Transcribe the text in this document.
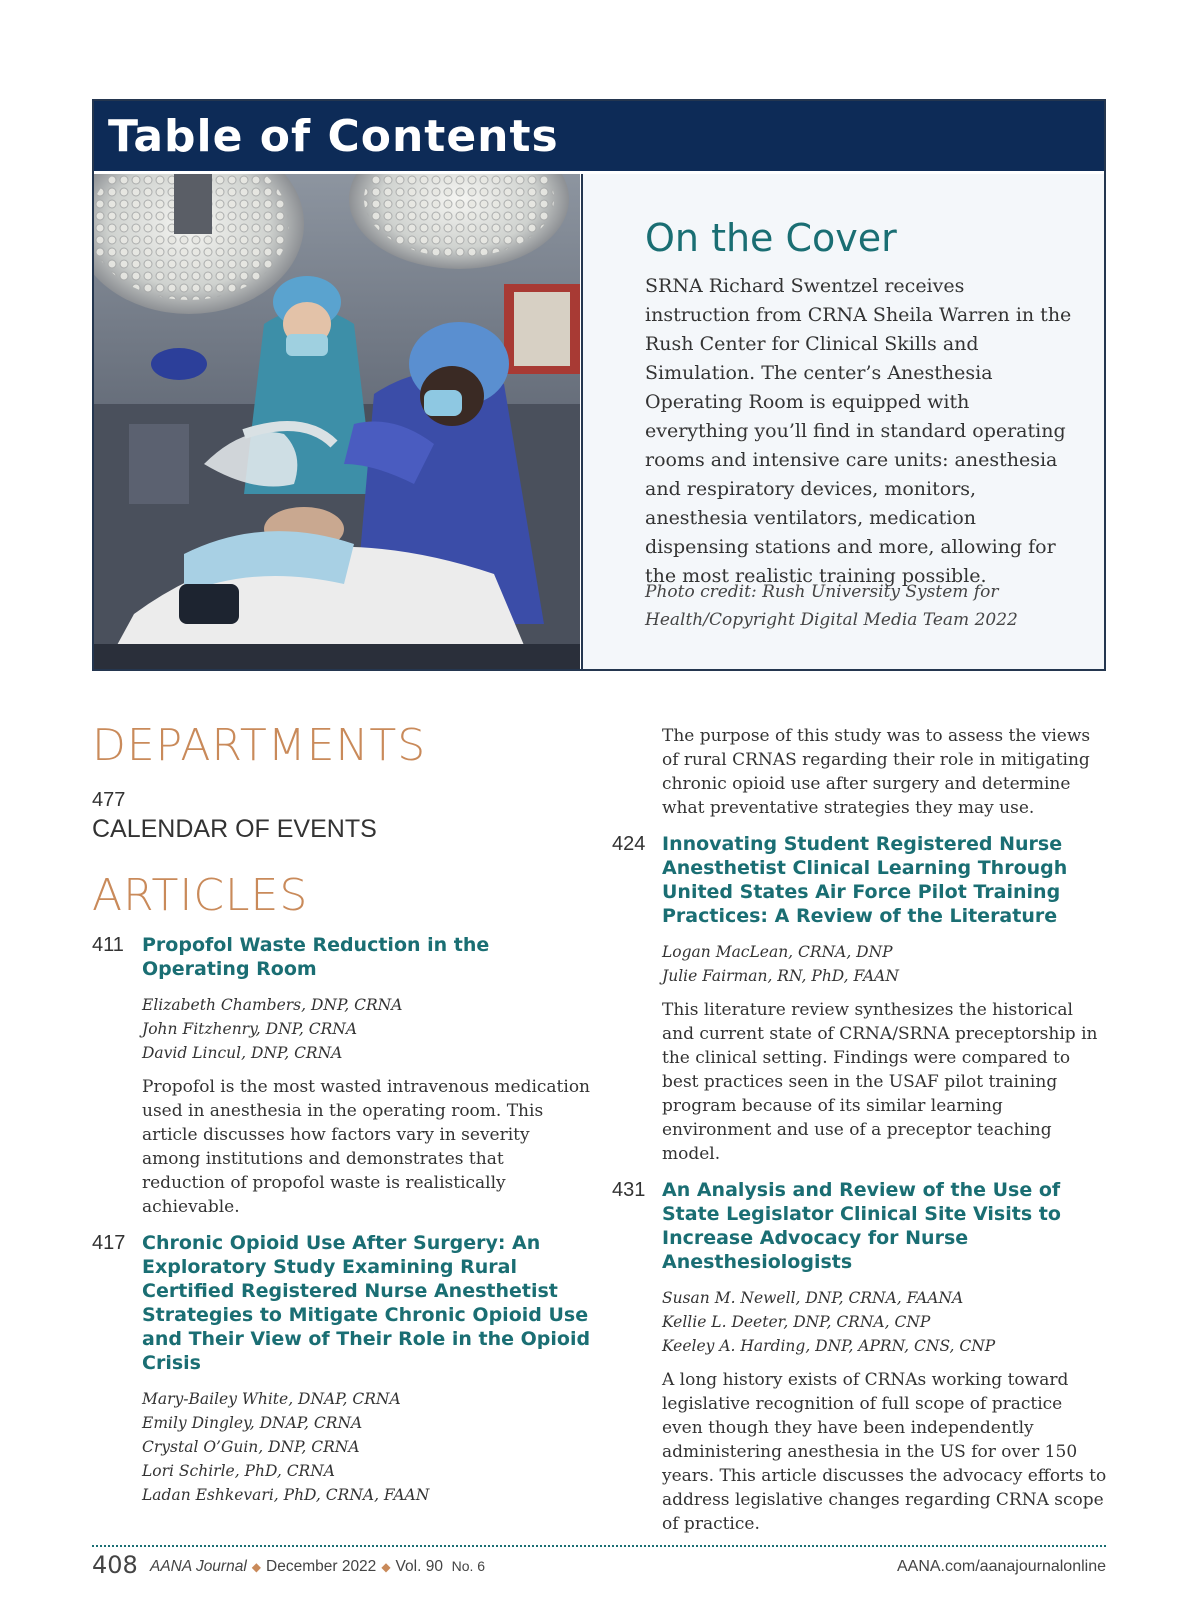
Table of Contents
On the Cover

SRNA Richard Swentzel receives instruction from CRNA Sheila Warren in the Rush Center for Clinical Skills and Simulation. The center’s Anesthesia Operating Room is equipped with everything you’ll find in standard operating rooms and intensive care units: anesthesia and respiratory devices, monitors, anesthesia ventilators, medication dispensing stations and more, allowing for the most realistic training possible.

Photo credit: Rush University System for Health/Copyright Digital Media Team 2022

DEPARTMENTS
477
CALENDAR OF EVENTS
ARTICLES
411 Propofol Waste Reduction in the Operating Room
Elizabeth Chambers, DNP, CRNA
John Fitzhenry, DNP, CRNA
David Lincul, DNP, CRNA

Propofol is the most wasted intravenous medication used in anesthesia in the operating room. This article discusses how factors vary in severity among institutions and demonstrates that reduction of propofol waste is realistically achievable.

417 Chronic Opioid Use After Surgery: An Exploratory Study Examining Rural Certified Registered Nurse Anesthetist Strategies to Mitigate Chronic Opioid Use and Their View of Their Role in the Opioid Crisis
Mary-Bailey White, DNAP, CRNA
Emily Dingley, DNAP, CRNA
Crystal O’Guin, DNP, CRNA
Lori Schirle, PhD, CRNA
Ladan Eshkevari, PhD, CRNA, FAAN

The purpose of this study was to assess the views of rural CRNAS regarding their role in mitigating chronic opioid use after surgery and determine what preventative strategies they may use.

424 Innovating Student Registered Nurse Anesthetist Clinical Learning Through United States Air Force Pilot Training Practices: A Review of the Literature
Logan MacLean, CRNA, DNP
Julie Fairman, RN, PhD, FAAN

This literature review synthesizes the historical and current state of CRNA/SRNA preceptorship in the clinical setting. Findings were compared to best practices seen in the USAF pilot training program because of its similar learning environment and use of a preceptor teaching model.

431 An Analysis and Review of the Use of State Legislator Clinical Site Visits to Increase Advocacy for Nurse Anesthesiologists
Susan M. Newell, DNP, CRNA, FAANA
Kellie L. Deeter, DNP, CRNA, CNP
Keeley A. Harding, DNP, APRN, CNS, CNP

A long history exists of CRNAs working toward legislative recognition of full scope of practice even though they have been independently administering anesthesia in the US for over 150 years. This article discusses the advocacy efforts to address legislative changes regarding CRNA scope of practice.

408 AANA Journal ◆ December 2022 ◆ Vol. 90 No. 6	AANA.com/aanajournalonline
